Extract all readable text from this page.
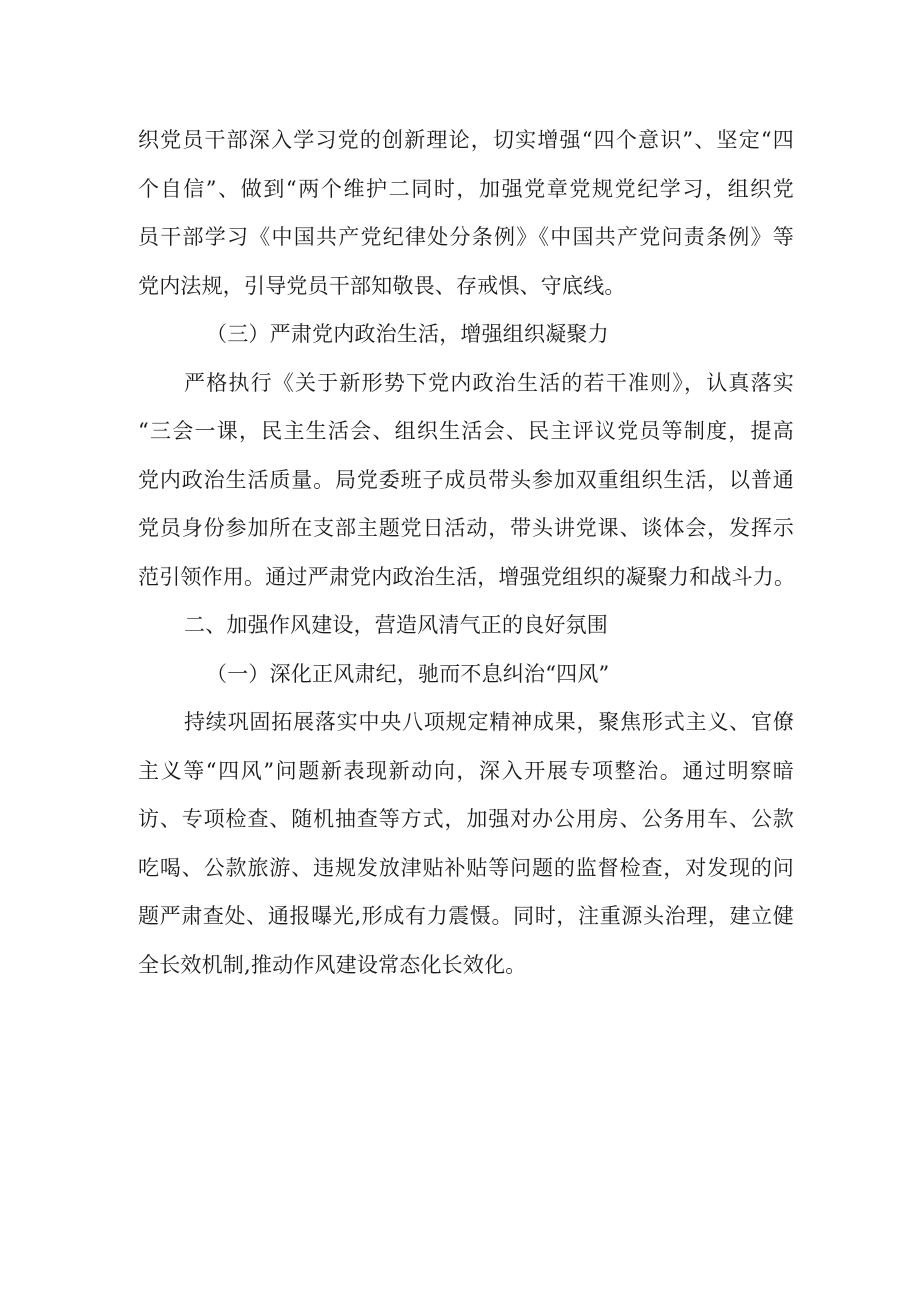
织党员干部深入学习党的创新理论，切实增强“四个意识”、坚定“四
个自信”、做到“两个维护二同时，加强党章党规党纪学习，组织党
员干部学习《中国共产党纪律处分条例》《中国共产党问责条例》等
党内法规，引导党员干部知敬畏、存戒惧、守底线。
（三）严肃党内政治生活，增强组织凝聚力
严格执行《关于新形势下党内政治生活的若干准则》，认真落实
“三会一课，民主生活会、组织生活会、民主评议党员等制度，提高
党内政治生活质量。局党委班子成员带头参加双重组织生活，以普通
党员身份参加所在支部主题党日活动，带头讲党课、谈体会，发挥示
范引领作用。通过严肃党内政治生活，增强党组织的凝聚力和战斗力。
二、加强作风建设，营造风清气正的良好氛围
（一）深化正风肃纪，驰而不息纠治“四风”
持续巩固拓展落实中央八项规定精神成果，聚焦形式主义、官僚
主义等“四风”问题新表现新动向，深入开展专项整治。通过明察暗
访、专项检查、随机抽查等方式，加强对办公用房、公务用车、公款
吃喝、公款旅游、违规发放津贴补贴等问题的监督检查，对发现的问
题严肃查处、通报曝光,形成有力震慑。同时，注重源头治理，建立健
全长效机制,推动作风建设常态化长效化。
